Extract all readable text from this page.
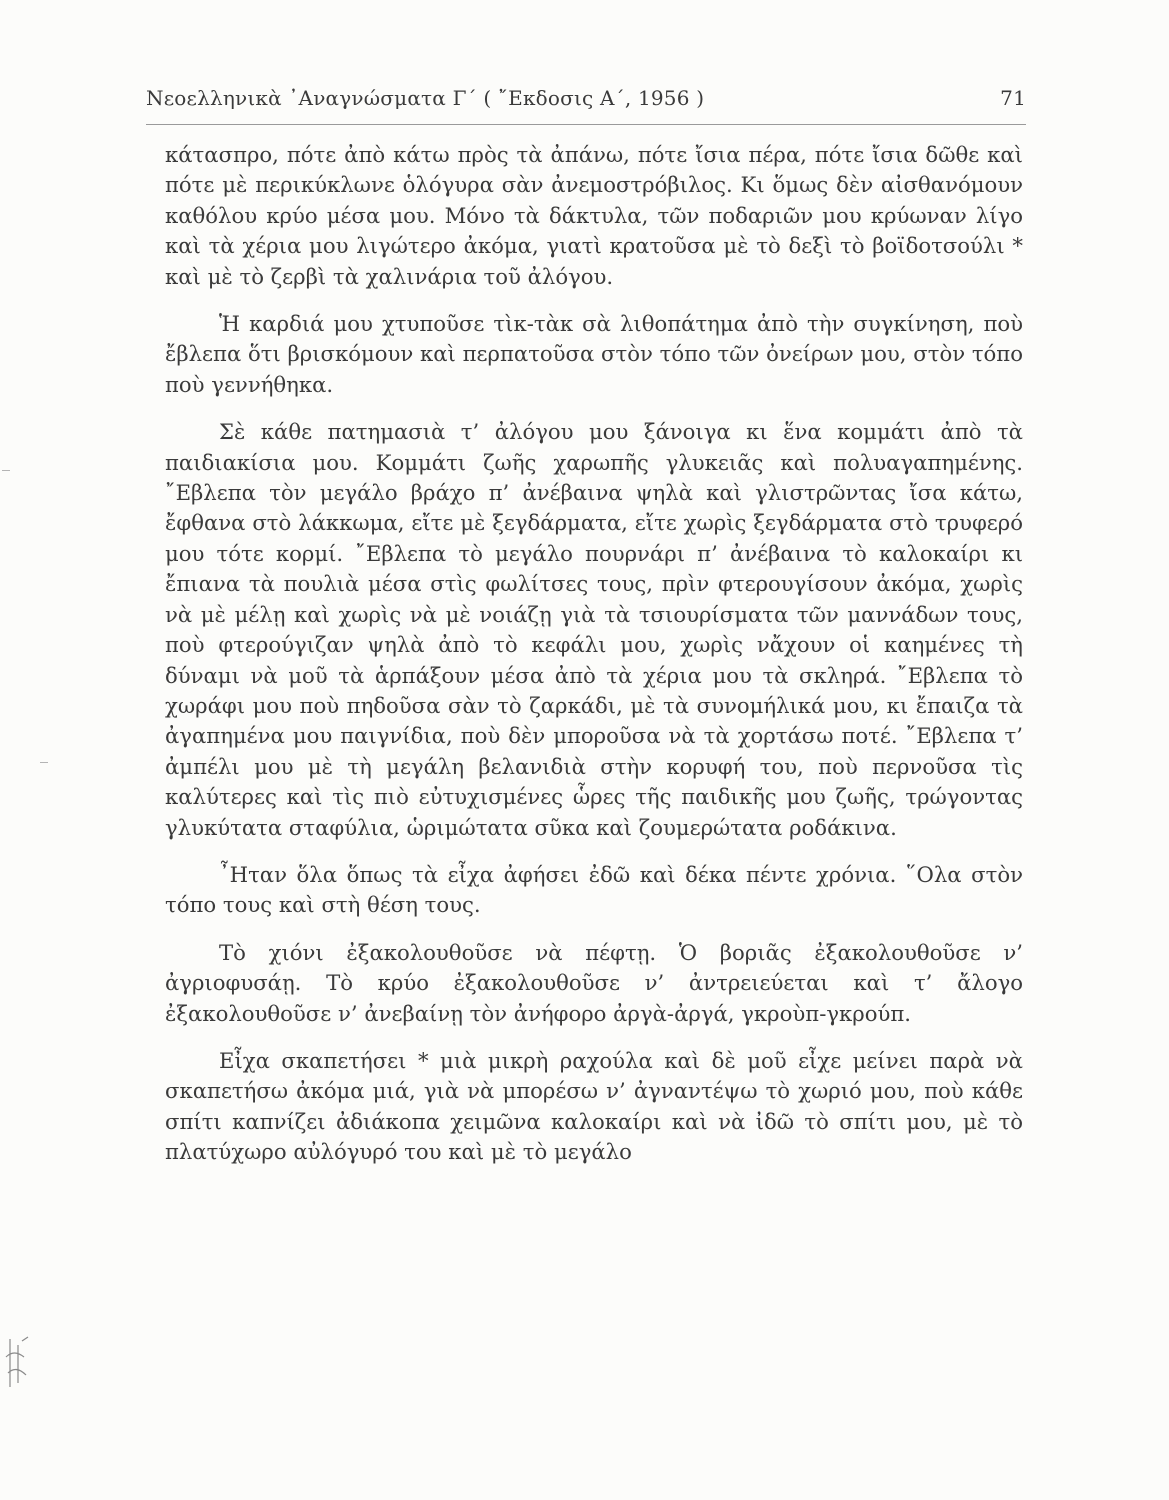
Νεοελληνικὰ ᾿Αναγνώσματα Γ΄ ( ῎Εκδοσις Α΄, 1956 )	71

κάτασπρο, πότε ἀπὸ κάτω πρὸς τὰ ἀπάνω, πότε ἴσια πέρα, πότε ἴσια δῶθε καὶ πότε μὲ περικύκλωνε ὁλόγυρα σὰν ἀνεμοστρόβιλος. Κι ὅμως δὲν αἰσθανόμουν καθόλου κρύο μέσα μου. Μόνο τὰ δάκτυλα, τῶν ποδαριῶν μου κρύωναν λίγο καὶ τὰ χέρια μου λιγώτερο ἀκόμα, γιατὶ κρατοῦσα μὲ τὸ δεξὶ τὸ βοϊδοτσούλι * καὶ μὲ τὸ ζερβὶ τὰ χαλινάρια τοῦ ἀλόγου.

Ἡ καρδιά μου χτυποῦσε τὶκ-τὰκ σὰ λιθοπάτημα ἀπὸ τὴν συγκίνηση, ποὺ ἔβλεπα ὅτι βρισκόμουν καὶ περπατοῦσα στὸν τόπο τῶν ὀνείρων μου, στὸν τόπο ποὺ γεννήθηκα.

Σὲ κάθε πατημασιὰ τ’ ἀλόγου μου ξάνοιγα κι ἕνα κομμάτι ἀπὸ τὰ παιδιακίσια μου. Κομμάτι ζωῆς χαρωπῆς γλυκειᾶς καὶ πολυαγαπημένης. ῎Εβλεπα τὸν μεγάλο βράχο π’ ἀνέβαινα ψηλὰ καὶ γλιστρῶντας ἴσα κάτω, ἔφθανα στὸ λάκκωμα, εἴτε μὲ ξεγδάρματα, εἴτε χωρὶς ξεγδάρματα στὸ τρυφερό μου τότε κορμί. ῎Εβλεπα τὸ μεγάλο πουρνάρι π’ ἀνέβαινα τὸ καλοκαίρι κι ἔπιανα τὰ πουλιὰ μέσα στὶς φωλίτσες τους, πρὶν φτερουγίσουν ἀκόμα, χωρὶς νὰ μὲ μέλῃ καὶ χωρὶς νὰ μὲ νοιάζῃ γιὰ τὰ τσιουρίσματα τῶν μαννάδων τους, ποὺ φτερούγιζαν ψηλὰ ἀπὸ τὸ κεφάλι μου, χωρὶς νἄχουν οἱ καημένες τὴ δύναμι νὰ μοῦ τὰ ἁρπάξουν μέσα ἀπὸ τὰ χέρια μου τὰ σκληρά. ῎Εβλεπα τὸ χωράφι μου ποὺ πηδοῦσα σὰν τὸ ζαρκάδι, μὲ τὰ συνομήλικά μου, κι ἔπαιζα τὰ ἀγαπημένα μου παιγνίδια, ποὺ δὲν μποροῦσα νὰ τὰ χορτάσω ποτέ. ῎Εβλεπα τ’ ἀμπέλι μου μὲ τὴ μεγάλη βελανιδιὰ στὴν κορυφή του, ποὺ περνοῦσα τὶς καλύτερες καὶ τὶς πιὸ εὐτυχισμένες ὧρες τῆς παιδικῆς μου ζωῆς, τρώγοντας γλυκύτατα σταφύλια, ὡριμώτατα σῦκα καὶ ζουμερώτατα ροδάκινα.

῏Ηταν ὅλα ὅπως τὰ εἶχα ἀφήσει ἐδῶ καὶ δέκα πέντε χρόνια. ῞Ολα στὸν τόπο τους καὶ στὴ θέση τους.

Τὸ χιόνι ἐξακολουθοῦσε νὰ πέφτῃ. Ὁ βοριᾶς ἐξακολουθοῦσε ν’ ἀγριοφυσάῃ. Τὸ κρύο ἐξακολουθοῦσε ν’ ἀντρειεύεται καὶ τ’ ἄλογο ἐξακολουθοῦσε ν’ ἀνεβαίνῃ τὸν ἀνήφορο ἀργὰ-ἀργά, γκροὺπ-γκρούπ.

Εἶχα σκαπετήσει * μιὰ μικρὴ ραχούλα καὶ δὲ μοῦ εἶχε μείνει παρὰ νὰ σκαπετήσω ἀκόμα μιά, γιὰ νὰ μπορέσω ν’ ἀγναντέψω τὸ χωριό μου, ποὺ κάθε σπίτι καπνίζει ἀδιάκοπα χειμῶνα καλοκαίρι καὶ νὰ ἰδῶ τὸ σπίτι μου, μὲ τὸ πλατύχωρο αὐλόγυρό του καὶ μὲ τὸ μεγάλο
